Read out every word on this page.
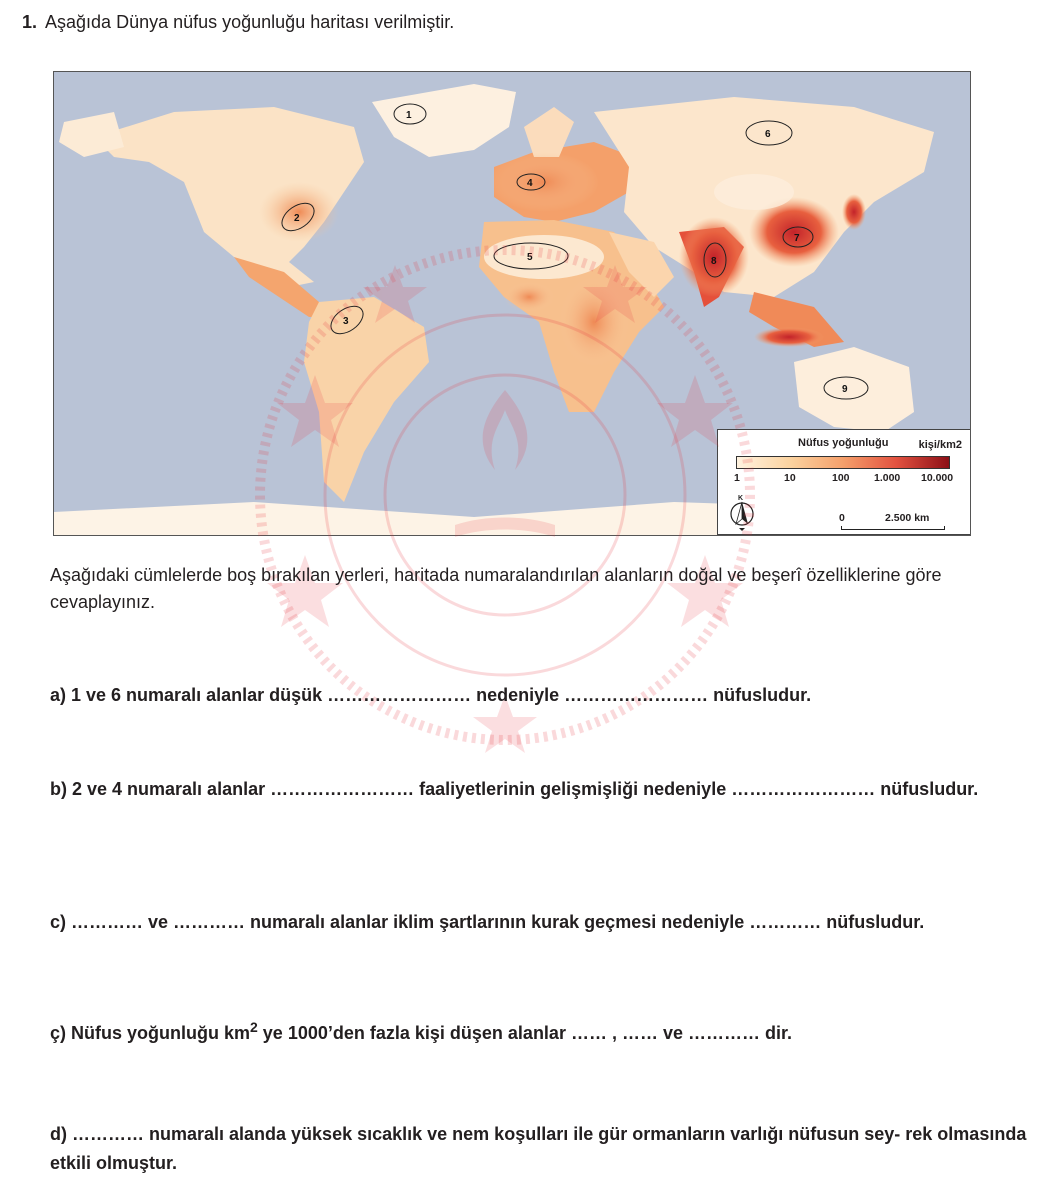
1. Aşağıda Dünya nüfus yoğunluğu haritası verilmiştir.
1
2
3
4
5
6
7
8
9
Nüfus yoğunluğu	kişi/km2
1	10	100 1.000 10.000
K
0	2.500 km
Aşağıdaki cümlelerde boş bırakılan yerleri, haritada numaralandırılan alanların doğal ve beşerî özelliklerine göre cevaplayınız.
a) 1 ve 6 numaralı alanlar düşük …………………… nedeniyle …………………… nüfusludur.
b) 2 ve 4 numaralı alanlar …………………… faaliyetlerinin gelişmişliği nedeniyle …………………… nüfusludur.
c) ………… ve ………… numaralı alanlar iklim şartlarının kurak geçmesi nedeniyle ………… nüfusludur.
ç) Nüfus yoğunluğu $km^2$ ye 1000’den fazla kişi düşen alanlar …… , …… ve ………… dir.
d) ………… numaralı alanda yüksek sıcaklık ve nem koşulları ile gür ormanların varlığı nüfusun sey- rek olmasında etkili olmuştur.
